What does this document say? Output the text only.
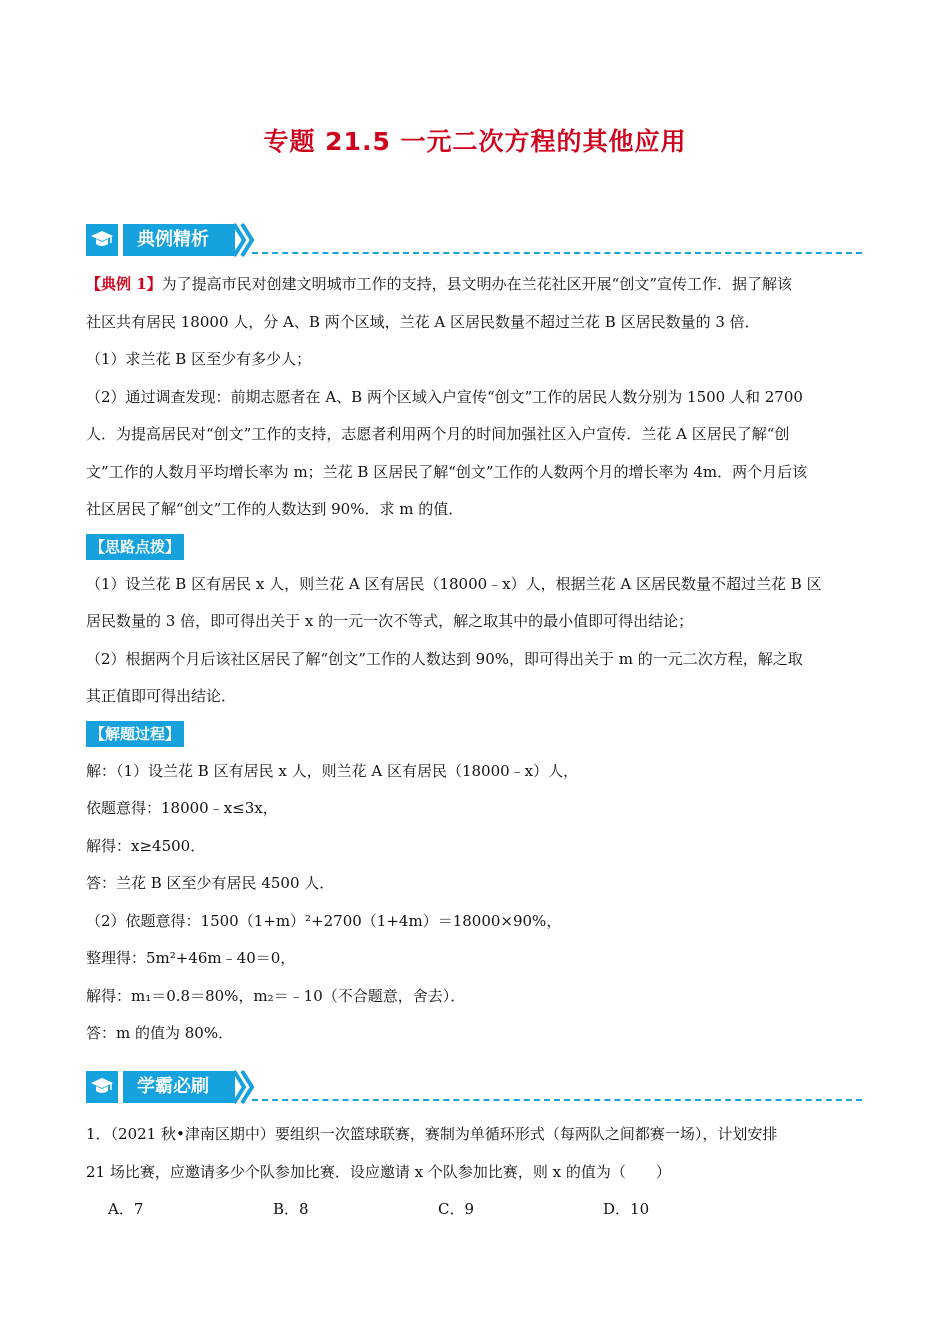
专题 21.5 一元二次方程的其他应用
典例精析

【典例 1】为了提高市民对创建文明城市工作的支持，县文明办在兰花社区开展“创文”宣传工作．据了解该

社区共有居民 18000 人，分 A、B 两个区域，兰花 A 区居民数量不超过兰花 B 区居民数量的 3 倍．

（1）求兰花 B 区至少有多少人；

（2）通过调查发现：前期志愿者在 A、B 两个区域入户宣传“创文”工作的居民人数分别为 1500 人和 2700

人．为提高居民对“创文”工作的支持，志愿者利用两个月的时间加强社区入户宣传．兰花 A 区居民了解“创

文”工作的人数月平均增长率为 m；兰花 B 区居民了解“创文”工作的人数两个月的增长率为 4m．两个月后该

社区居民了解“创文”工作的人数达到 90%．求 m 的值．

【思路点拨】

（1）设兰花 B 区有居民 x 人，则兰花 A 区有居民（18000﹣x）人，根据兰花 A 区居民数量不超过兰花 B 区

居民数量的 3 倍，即可得出关于 x 的一元一次不等式，解之取其中的最小值即可得出结论；

（2）根据两个月后该社区居民了解“创文”工作的人数达到 90%，即可得出关于 m 的一元二次方程，解之取

其正值即可得出结论．

【解题过程】

解：（1）设兰花 B 区有居民 x 人，则兰花 A 区有居民（18000﹣x）人，

依题意得：18000﹣x≤3x，

解得：x≥4500．

答：兰花 B 区至少有居民 4500 人．

（2）依题意得：1500（1+m）²+2700（1+4m）＝18000×90%，

整理得：5m²+46m﹣40＝0，

解得：m₁＝0.8＝80%，m₂＝﹣10（不合题意，舍去）．

答：m 的值为 80%．

学霸必刷

1．（2021 秋•津南区期中）要组织一次篮球联赛，赛制为单循环形式（每两队之间都赛一场），计划安排

21 场比赛，应邀请多少个队参加比赛．设应邀请 x 个队参加比赛，则 x 的值为（　　）

A．7	B．8	C．9	D．10
